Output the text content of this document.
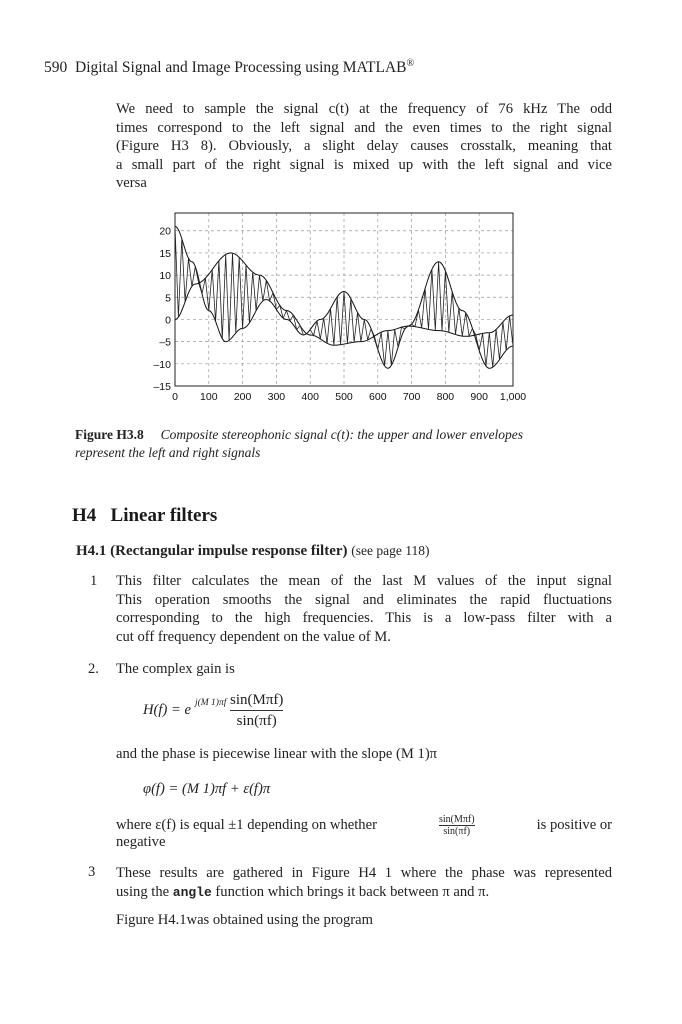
590 Digital Signal and Image Processing using MATLAB®
We need to sample the signal c(t) at the frequency of 76 kHz The odd
times correspond to the left signal and the even times to the right signal
(Figure H3 8). Obviously, a slight delay causes crosstalk, meaning that
a small part of the right signal is mixed up with the left signal and vice
versa
0 100 200 300 400 500 600 700 800 900 1,000
20
15
10
5
0
–5
–10
–15
Figure H3.8 Composite stereophonic signal c(t): the upper and lower envelopes
represent the left and right signals
H4 Linear filters
H4.1 (Rectangular impulse response filter) (see page 118)
1 This filter calculates the mean of the last M values of the input signal
This operation smooths the signal and eliminates the rapid fluctuations
corresponding to the high frequencies. This is a low-pass filter with a
cut off frequency dependent on the value of M.
2. The complex gain is
H(f) = e $^{j(M 1)\pi f}$ sin(Mπf)
sin(πf)
and the phase is piecewise linear with the slope (M 1)π
φ(f) = (M 1)πf + ε(f)π
where ε(f) is equal ±1 depending on whether	$\frac{\text{sin(Mπf)}}{\sin(\pi f)}$	is positive or
negative
3 These results are gathered in Figure H4 1 where the phase was represented
using the angle function which brings it back between π and π.
Figure H4.1was obtained using the program
